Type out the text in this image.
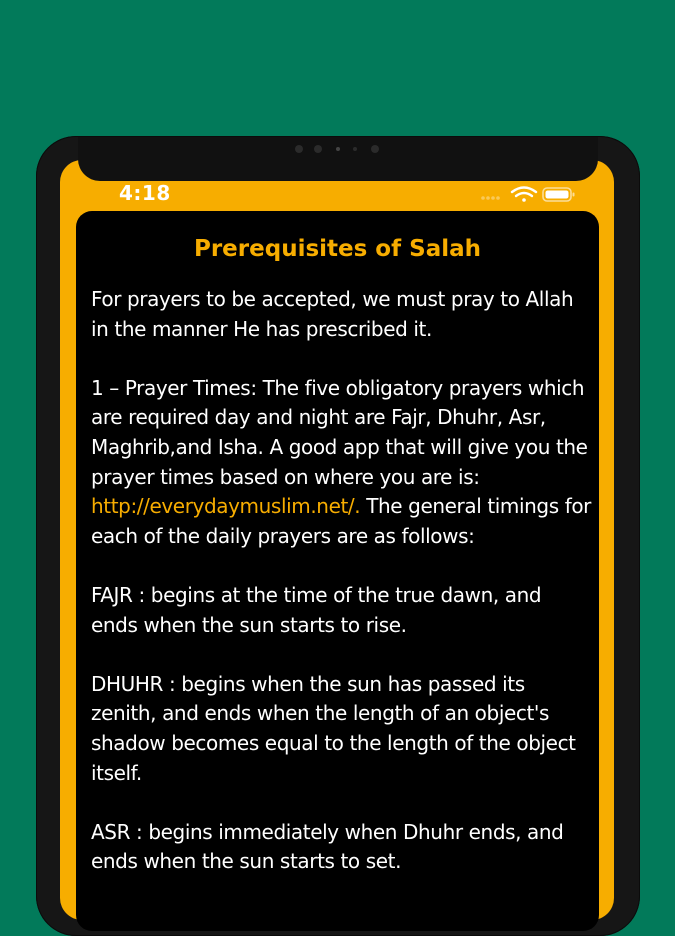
4:18
Prerequisites of Salah

For prayers to be accepted, we must pray to Allah in the manner He has prescribed it.

1 – Prayer Times: The five obligatory prayers which are required day and night are Fajr, Dhuhr, Asr, Maghrib,and Isha. A good app that will give you the prayer times based on where you are is: http://everydaymuslim.net/. The general timings for each of the daily prayers are as follows:

FAJR : begins at the time of the true dawn, and ends when the sun starts to rise.

DHUHR : begins when the sun has passed its zenith, and ends when the length of an object's shadow becomes equal to the length of the object itself.

ASR : begins immediately when Dhuhr ends, and ends when the sun starts to set.
